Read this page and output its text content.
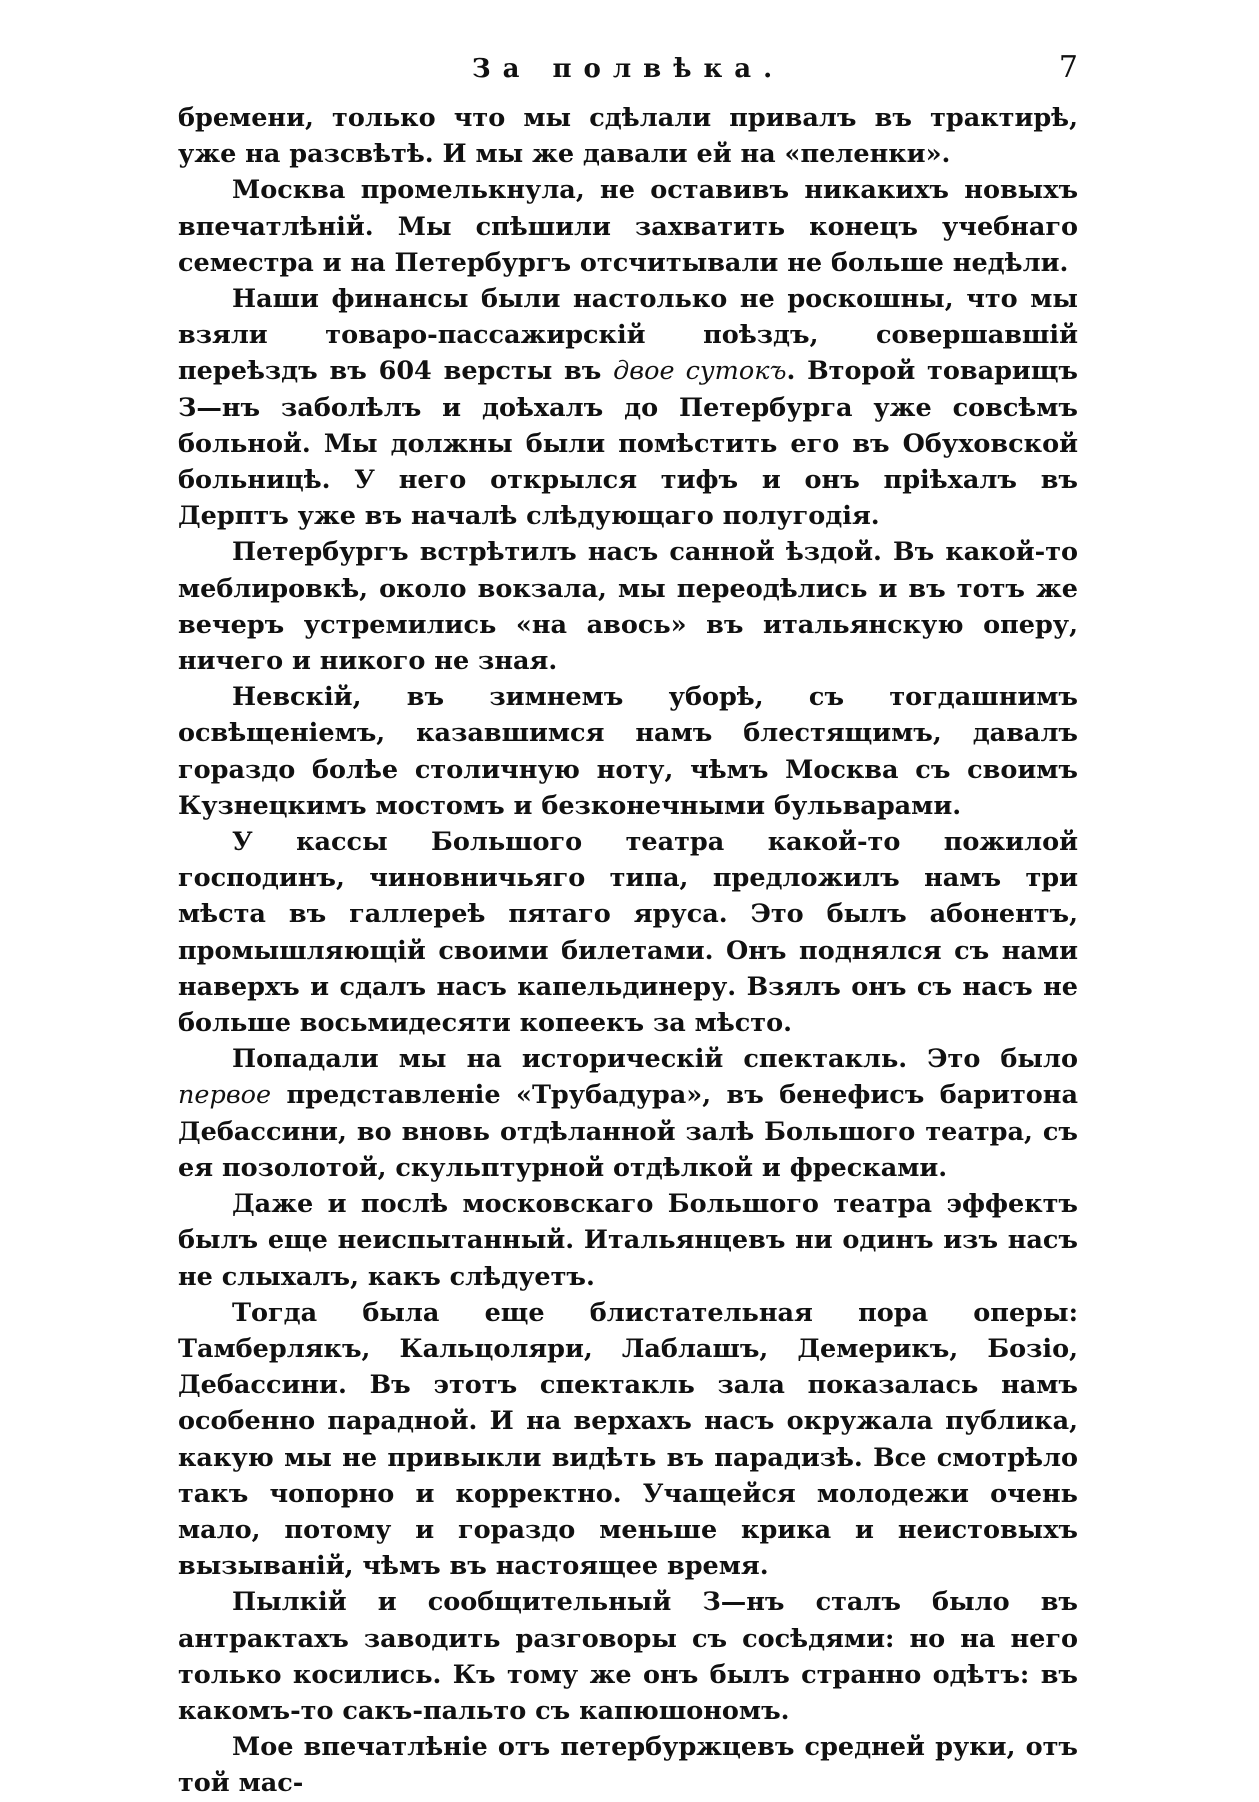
За полвѣка.	7

бремени, только что мы сдѣлали привалъ въ трактирѣ, уже на разсвѣтѣ. И мы же давали ей на «пеленки».

Москва промелькнула, не оставивъ никакихъ новыхъ впечатлѣній. Мы спѣшили захватить конецъ учебнаго семестра и на Петербургъ отсчитывали не больше недѣли.

Наши финансы были настолько не роскошны, что мы взяли товаро-пассажирскій поѣздъ, совершавшій переѣздъ въ 604 версты въ двое сутокъ. Второй товарищъ З—нъ заболѣлъ и доѣхалъ до Петербурга уже совсѣмъ больной. Мы должны были помѣстить его въ Обуховской больницѣ. У него открылся тифъ и онъ пріѣхалъ въ Дерптъ уже въ началѣ слѣдующаго полугодія.

Петербургъ встрѣтилъ насъ санной ѣздой. Въ какой-то меблировкѣ, около вокзала, мы переодѣлись и въ тотъ же вечеръ устремились «на авось» въ итальянскую оперу, ничего и никого не зная.

Невскій, въ зимнемъ уборѣ, съ тогдашнимъ освѣщеніемъ, казавшимся намъ блестящимъ, давалъ гораздо болѣе столичную ноту, чѣмъ Москва съ своимъ Кузнецкимъ мостомъ и безконечными бульварами.

У кассы Большого театра какой-то пожилой господинъ, чиновничьяго типа, предложилъ намъ три мѣста въ галлереѣ пятаго яруса. Это былъ абонентъ, промышляющій своими билетами. Онъ поднялся съ нами наверхъ и сдалъ насъ капельдинеру. Взялъ онъ съ насъ не больше восьмидесяти копеекъ за мѣсто.

Попадали мы на историческій спектакль. Это было первое представленіе «Трубадура», въ бенефисъ баритона Дебассини, во вновь отдѣланной залѣ Большого театра, съ ея позолотой, скульптурной отдѣлкой и фресками.

Даже и послѣ московскаго Большого театра эффектъ былъ еще неиспытанный. Итальянцевъ ни одинъ изъ насъ не слыхалъ, какъ слѣдуетъ.

Тогда была еще блистательная пора оперы: Тамберлякъ, Кальцоляри, Лаблашъ, Демерикъ, Бозіо, Дебассини. Въ этотъ спектакль зала показалась намъ особенно парадной. И на верхахъ насъ окружала публика, какую мы не привыкли видѣть въ парадизѣ. Все смотрѣло такъ чопорно и корректно. Учащейся молодежи очень мало, потому и гораздо меньше крика и неистовыхъ вызываній, чѣмъ въ настоящее время.

Пылкій и сообщительный З—нъ сталъ было въ антрактахъ заводить разговоры съ сосѣдями: но на него только косились. Къ тому же онъ былъ странно одѣтъ: въ какомъ-то сакъ-пальто съ капюшономъ.

Мое впечатлѣніе отъ петербуржцевъ средней руки, отъ той мас-
